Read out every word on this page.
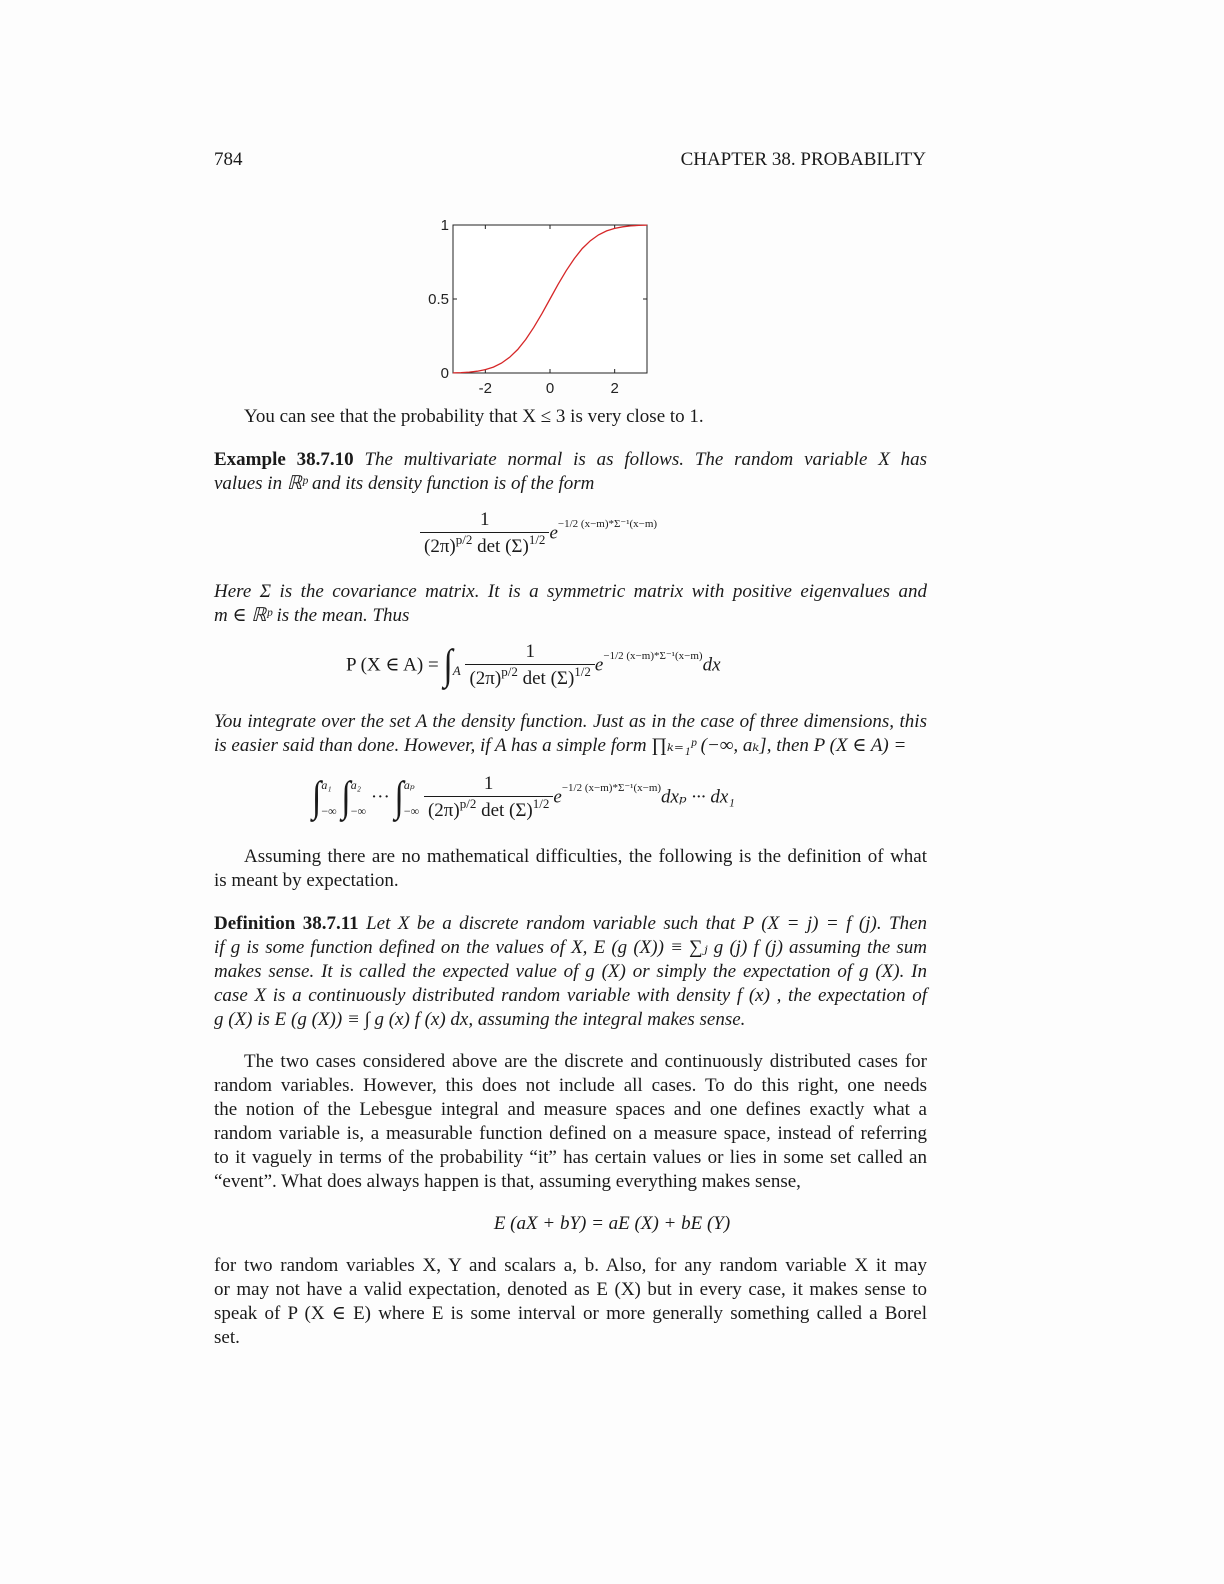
784	CHAPTER 38. PROBABILITY
-2	0	2
0
0.5
1
You can see that the probability that X ≤ 3 is very close to 1.
Example 38.7.10 The multivariate normal is as follows. The random variable X has
values in ℝᵖ and its density function is of the form
$\frac{1}{(2\pi)^{p/2} \det (\Sigma)^{1/2}} e^{-1/2 (x-m)*\Sigma^{-1}(x-m)}$
Here Σ is the covariance matrix. It is a symmetric matrix with positive eigenvalues and
m ∈ ℝᵖ is the mean. Thus
P (X ∈ $A) = \int_A \frac{1}{(2\pi)^{p/2} \det (\Sigma)^{1/2}} e^{-1/2 (x-m)*\Sigma^{-1}(x-m)}dx$
You integrate over the set A the density function. Just as in the case of three dimensions, this
is easier said than done. However, if A has a simple form ∏ₖ₌₁ᵖ (−∞, aₖ], then P (X ∈ A) =
∫ a₁
−∞ ∫ a₂
−∞
··· ∫ aₚ
−∞
$\frac{1}{(2\pi)^{p/2} \det (\Sigma)^{1/2}} e^{-1/2 (x-m)*\Sigma^{-1}(x-m)}dx_p$ ··· dx₁
Assuming there are no mathematical difficulties, the following is the definition of what
is meant by expectation.
Definition 38.7.11 Let X be a discrete random variable such that P (X = j) = f (j). Then
if g is some function defined on the values of X, E (g (X)) ≡ ∑ⱼ g (j) f (j) assuming the sum
makes sense. It is called the expected value of g (X) or simply the expectation of g (X). In
case X is a continuously distributed random variable with density f (x) , the expectation of
g (X) is E (g (X)) ≡ ∫ g (x) f (x) dx, assuming the integral makes sense.
The two cases considered above are the discrete and continuously distributed cases for
random variables. However, this does not include all cases. To do this right, one needs
the notion of the Lebesgue integral and measure spaces and one defines exactly what a
random variable is, a measurable function defined on a measure space, instead of referring
to it vaguely in terms of the probability “it” has certain values or lies in some set called an
“event”. What does always happen is that, assuming everything makes sense,
E (aX + bY) = aE (X) + bE (Y)
for two random variables X, Y and scalars a, b. Also, for any random variable X it may
or may not have a valid expectation, denoted as E (X) but in every case, it makes sense to
speak of P (X ∈ E) where E is some interval or more generally something called a Borel
set.
